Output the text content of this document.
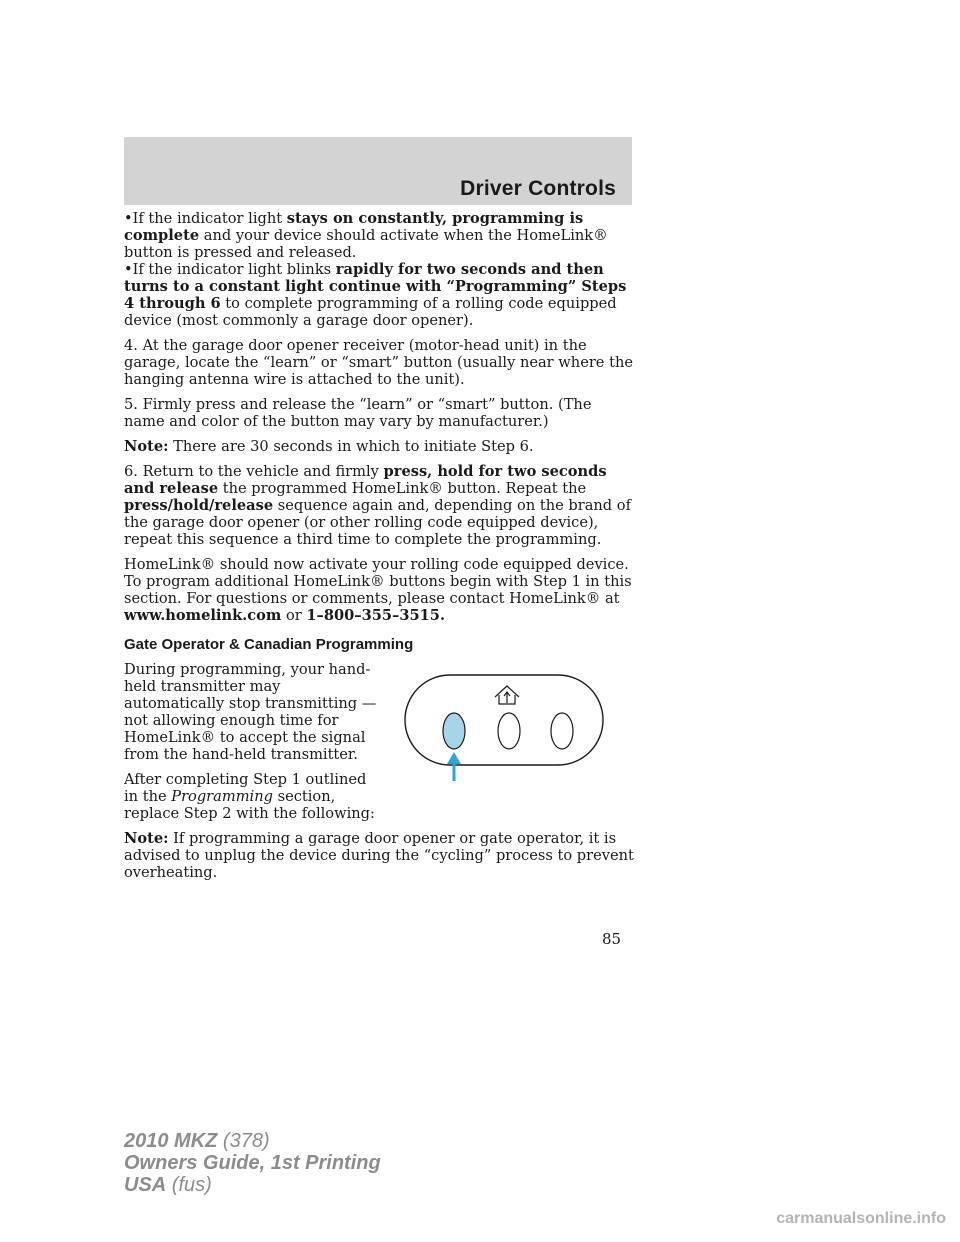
Driver Controls

•If the indicator light stays on constantly, programming is complete and your device should activate when the HomeLink® button is pressed and released.

•If the indicator light blinks rapidly for two seconds and then turns to a constant light continue with “Programming” Steps 4 through 6 to complete programming of a rolling code equipped device (most commonly a garage door opener).

4. At the garage door opener receiver (motor-head unit) in the garage, locate the “learn” or “smart” button (usually near where the hanging antenna wire is attached to the unit).

5. Firmly press and release the “learn” or “smart” button. (The name and color of the button may vary by manufacturer.)

Note: There are 30 seconds in which to initiate Step 6.

6. Return to the vehicle and firmly press, hold for two seconds and release the programmed HomeLink® button. Repeat the press/hold/release sequence again and, depending on the brand of the garage door opener (or other rolling code equipped device), repeat this sequence a third time to complete the programming.

HomeLink® should now activate your rolling code equipped device. To program additional HomeLink® buttons begin with Step 1 in this section. For questions or comments, please contact HomeLink® at www.homelink.com or 1–800–355–3515.

Gate Operator & Canadian Programming

During programming, your hand-held transmitter may automatically stop transmitting — not allowing enough time for HomeLink® to accept the signal from the hand-held transmitter.

After completing Step 1 outlined in the Programming section, replace Step 2 with the following:

Note: If programming a garage door opener or gate operator, it is advised to unplug the device during the “cycling” process to prevent overheating.

85
2010 MKZ (378)
Owners Guide, 1st Printing
USA (fus)
carmanualsonline.info
